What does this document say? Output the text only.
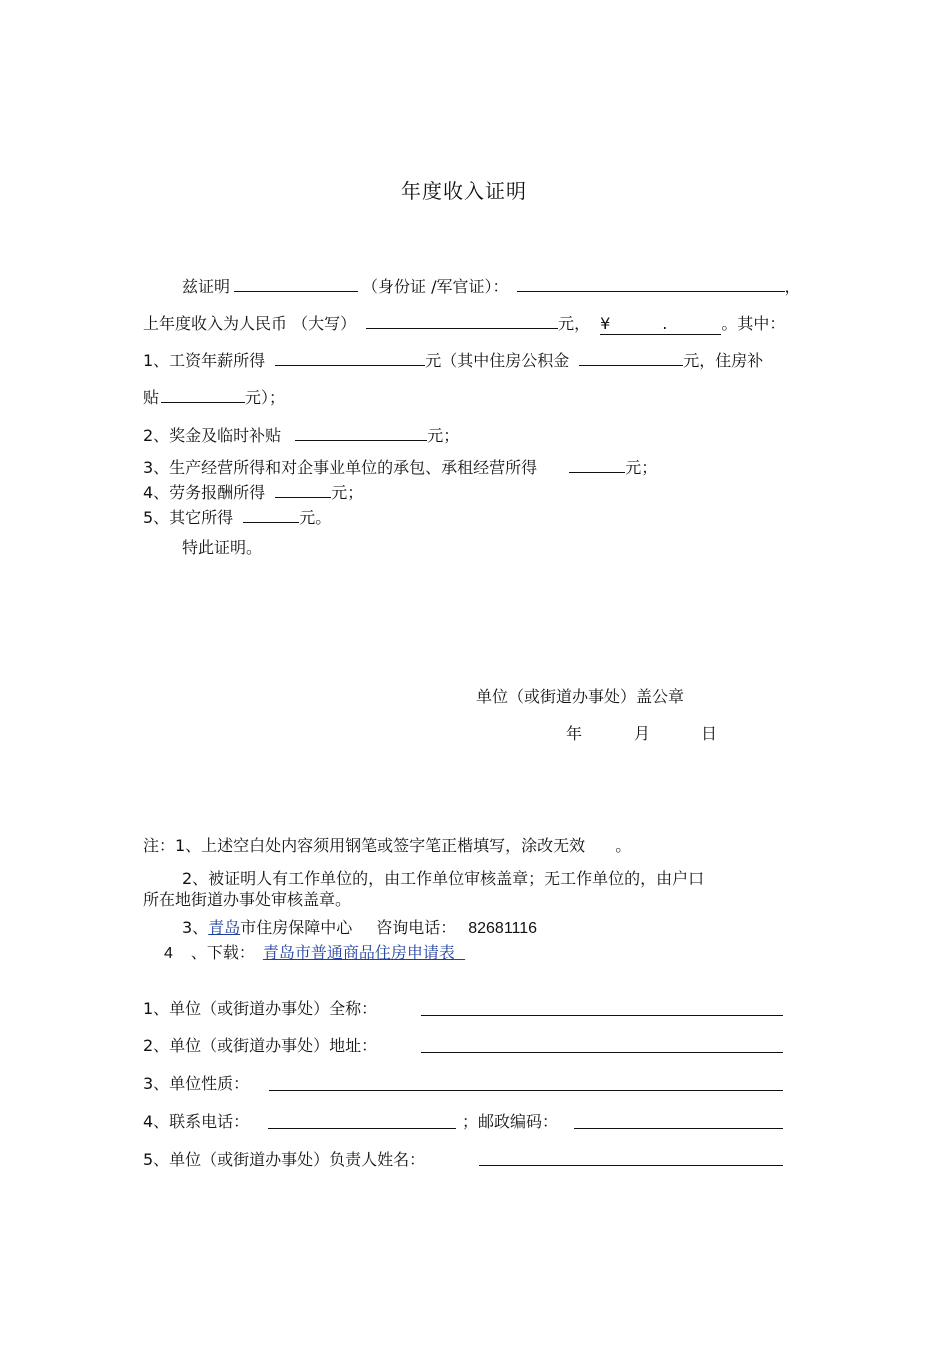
年度收入证明
兹证明	（身份证 /军官证）：	，
上年度收入为人民币 （大写）	元， ¥	.	。其中：
1、工资年薪所得	元（其中住房公积金	元，住房补
贴	元）；
2、奖金及临时补贴	元；
3、生产经营所得和对企事业单位的承包、承租经营所得	元；
4、劳务报酬所得	元；
5、其它所得	元。
特此证明。
单位（或街道办事处）盖公章
年	月	日
注：1、上述空白处内容须用钢笔或签字笔正楷填写，涂改无效 。
2、被证明人有工作单位的，由工作单位审核盖章；无工作单位的，由户口
所在地街道办事处审核盖章。
3、青岛市住房保障中心 咨询电话： 82681116
4 、下载： 青岛市普通商品住房申请表
1、单位（或街道办事处）全称：
2、单位（或街道办事处）地址：
3、单位性质：
4、联系电话：	；邮政编码：
5、单位（或街道办事处）负责人姓名：
